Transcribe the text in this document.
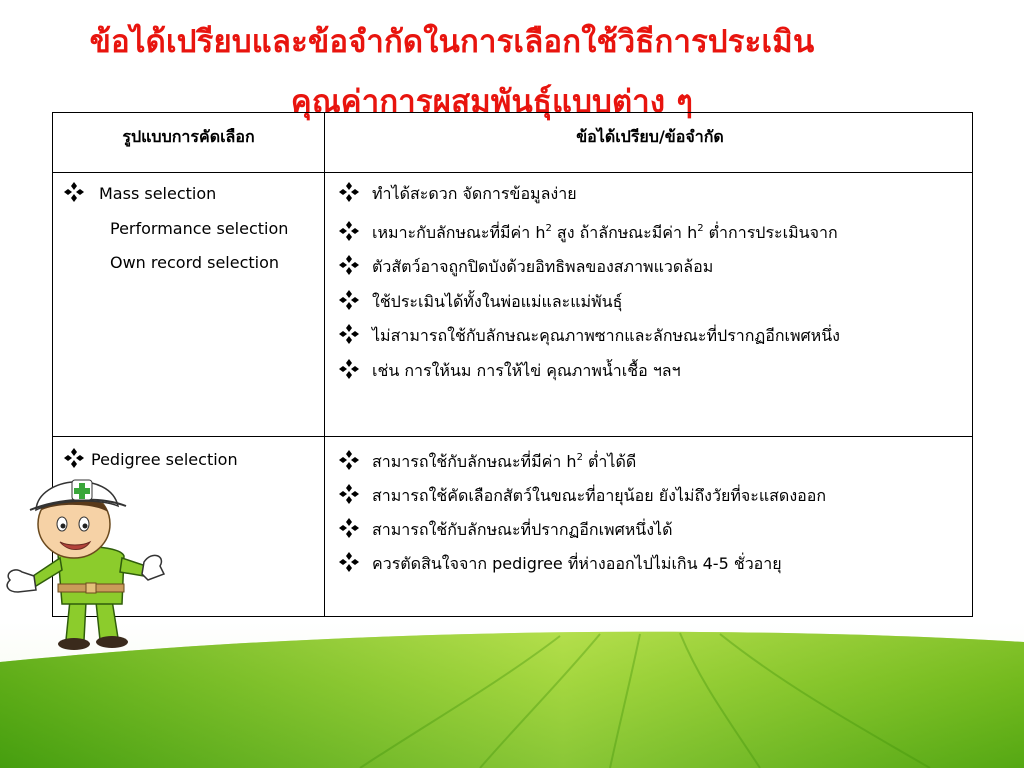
ข้อได้เปรียบและข้อจำกัดในการเลือกใช้วิธีการประเมิน
คุณค่าการผสมพันธุ์แบบต่าง ๆ
รูปแบบการคัดเลือก	ข้อได้เปรียบ/ข้อจำกัด
Mass selection
Performance selection
Own record selection
ทำได้สะดวก จัดการข้อมูลง่าย
เหมาะกับลักษณะที่มีค่า $h^2$ สูง ถ้าลักษณะมีค่า $h^2$ ต่ำการประเมินจาก
ตัวสัตว์อาจถูกปิดบังด้วยอิทธิพลของสภาพแวดล้อม
ใช้ประเมินได้ทั้งในพ่อแม่และแม่พันธุ์
ไม่สามารถใช้กับลักษณะคุณภาพซากและลักษณะที่ปรากฏอีกเพศหนึ่ง
เช่น การให้นม การให้ไข่ คุณภาพน้ำเชื้อ ฯลฯ
Pedigree selection	สามารถใช้กับลักษณะที่มีค่า $h^2$ ต่ำได้ดี
สามารถใช้คัดเลือกสัตว์ในขณะที่อายุน้อย ยังไม่ถึงวัยที่จะแสดงออก
สามารถใช้กับลักษณะที่ปรากฏอีกเพศหนึ่งได้
ควรตัดสินใจจาก pedigree ที่ห่างออกไปไม่เกิน 4-5 ชั่วอายุ
